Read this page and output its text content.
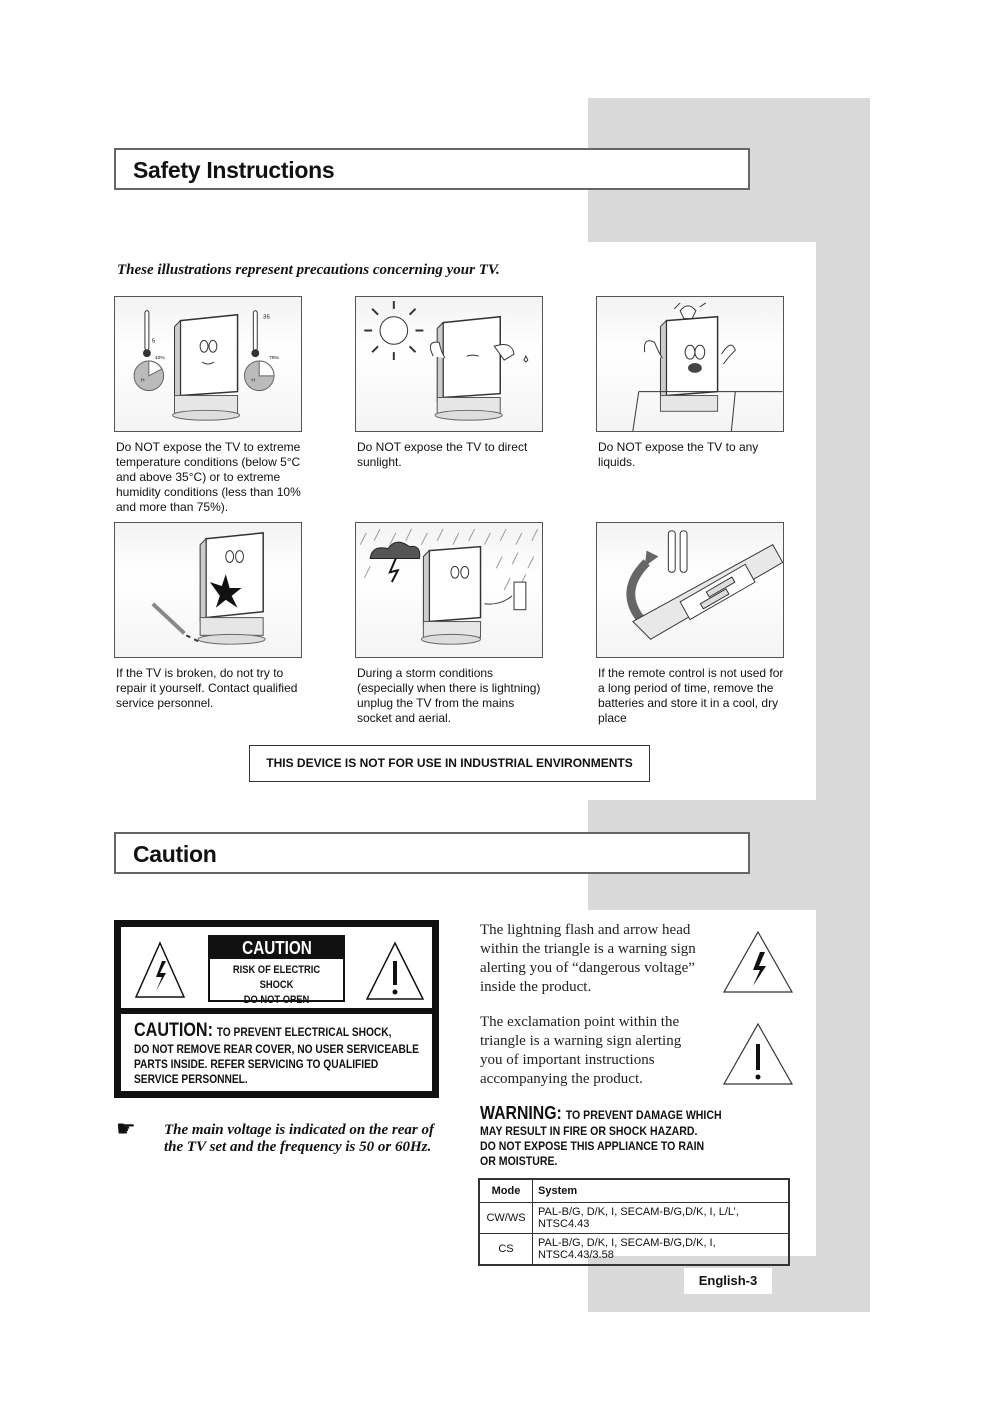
Safety Instructions
These illustrations represent precautions concerning your TV.
5
35
10%	75%
H	H
Do NOT expose the TV to extreme temperature conditions (below 5°C and above 35°C) or to extreme humidity conditions (less than 10% and more than 75%).
Do NOT expose the TV to direct sunlight.
Do NOT expose the TV to any liquids.
If the TV is broken, do not try to repair it yourself. Contact qualified service personnel.
During a storm conditions (especially when there is lightning) unplug the TV from the mains socket and aerial.
If the remote control is not used for a long period of time, remove the batteries and store it in a cool, dry place
THIS DEVICE IS NOT FOR USE IN INDUSTRIAL ENVIRONMENTS
Caution
CAUTION
RISK OF ELECTRIC SHOCK
DO NOT OPEN
CAUTION: TO PREVENT ELECTRICAL SHOCK,
DO NOT REMOVE REAR COVER, NO USER SERVICEABLE
PARTS INSIDE. REFER SERVICING TO QUALIFIED
SERVICE PERSONNEL.
☛ The main voltage is indicated on the rear of
the TV set and the frequency is 50 or 60Hz.
The lightning flash and arrow head
within the triangle is a warning sign
alerting you of “dangerous voltage”
inside the product.
The exclamation point within the
triangle is a warning sign alerting
you of important instructions
accompanying the product.
WARNING: TO PREVENT DAMAGE WHICH
MAY RESULT IN FIRE OR SHOCK HAZARD.
DO NOT EXPOSE THIS APPLIANCE TO RAIN
OR MOISTURE.
Mode	System
CW/WS	PAL-B/G, D/K, I, SECAM-B/G,D/K, I, L/L’, NTSC4.43
CS	PAL-B/G, D/K, I, SECAM-B/G,D/K, I, NTSC4.43/3.58
English-3
